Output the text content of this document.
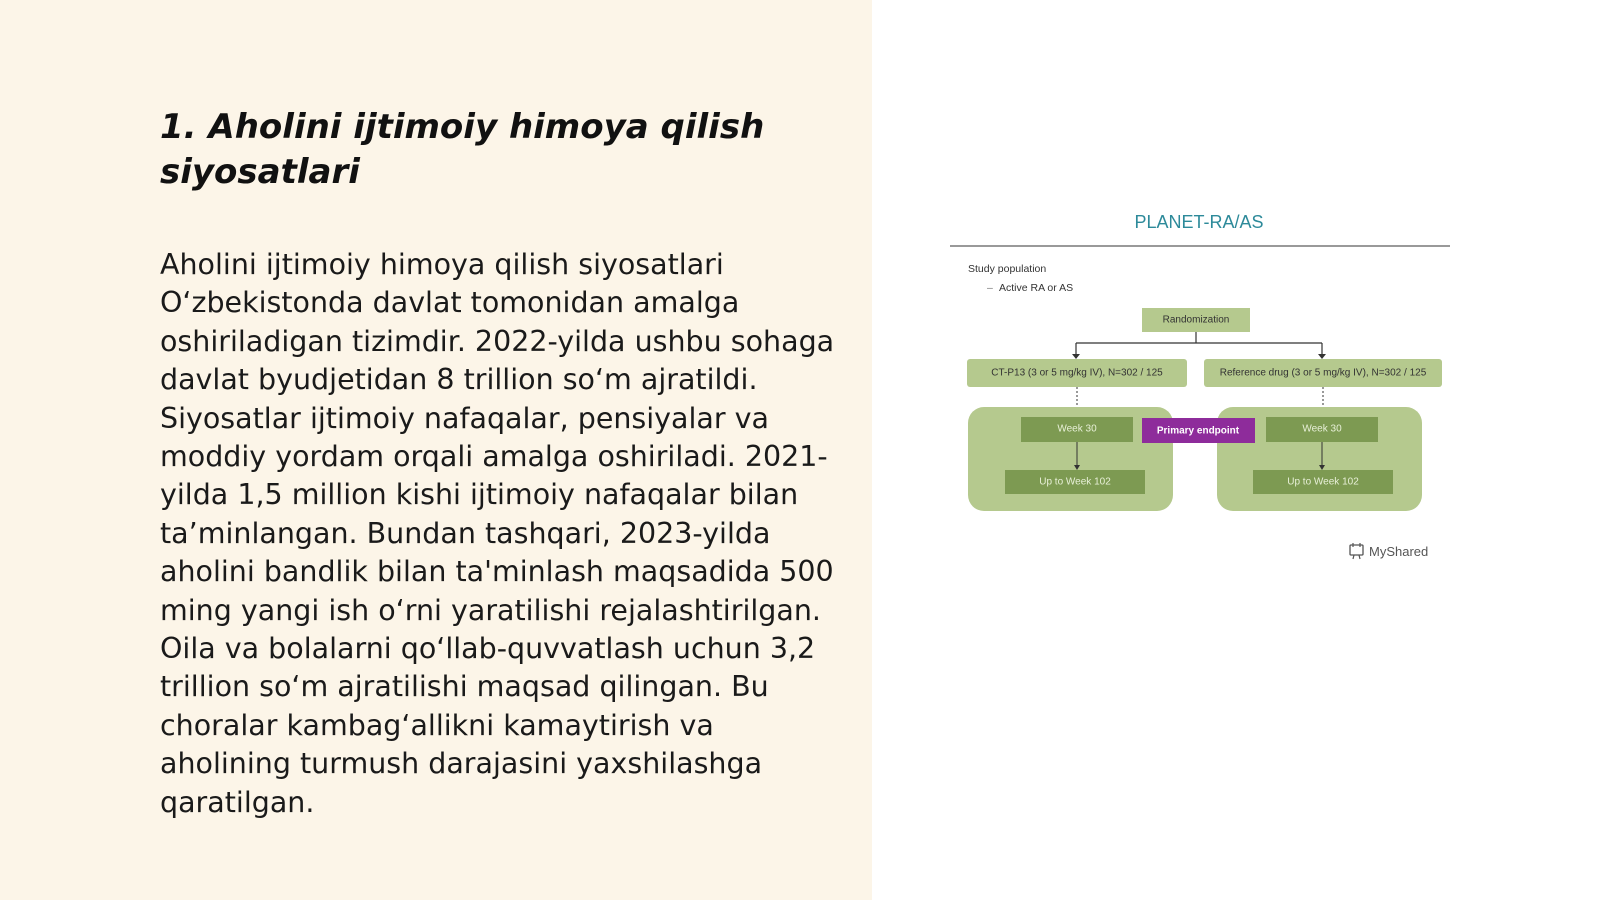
1. Aholini ijtimoiy himoya qilish siyosatlari

Aholini ijtimoiy himoya qilish siyosatlari O‘zbekistonda davlat tomonidan amalga oshiriladigan tizimdir. 2022-yilda ushbu sohaga davlat byudjetidan 8 trillion so‘m ajratildi. Siyosatlar ijtimoiy nafaqalar, pensiyalar va moddiy yordam orqali amalga oshiriladi. 2021-yilda 1,5 million kishi ijtimoiy nafaqalar bilan ta’minlangan. Bundan tashqari, 2023-yilda aholini bandlik bilan ta'minlash maqsadida 500 ming yangi ish o‘rni yaratilishi rejalashtirilgan. Oila va bolalarni qo‘llab-quvvatlash uchun 3,2 trillion so‘m ajratilishi maqsad qilingan. Bu choralar kambag‘allikni kamaytirish va aholining turmush darajasini yaxshilashga qaratilgan.

PLANET-RA/AS
Study population
– Active RA or AS
Randomization
CT-P13 (3 or 5 mg/kg IV), N=302 / 125	Reference drug (3 or 5 mg/kg IV), N=302 / 125
Week 30	Week 30
Primary endpoint
Up to Week 102	Up to Week 102
MyShared
